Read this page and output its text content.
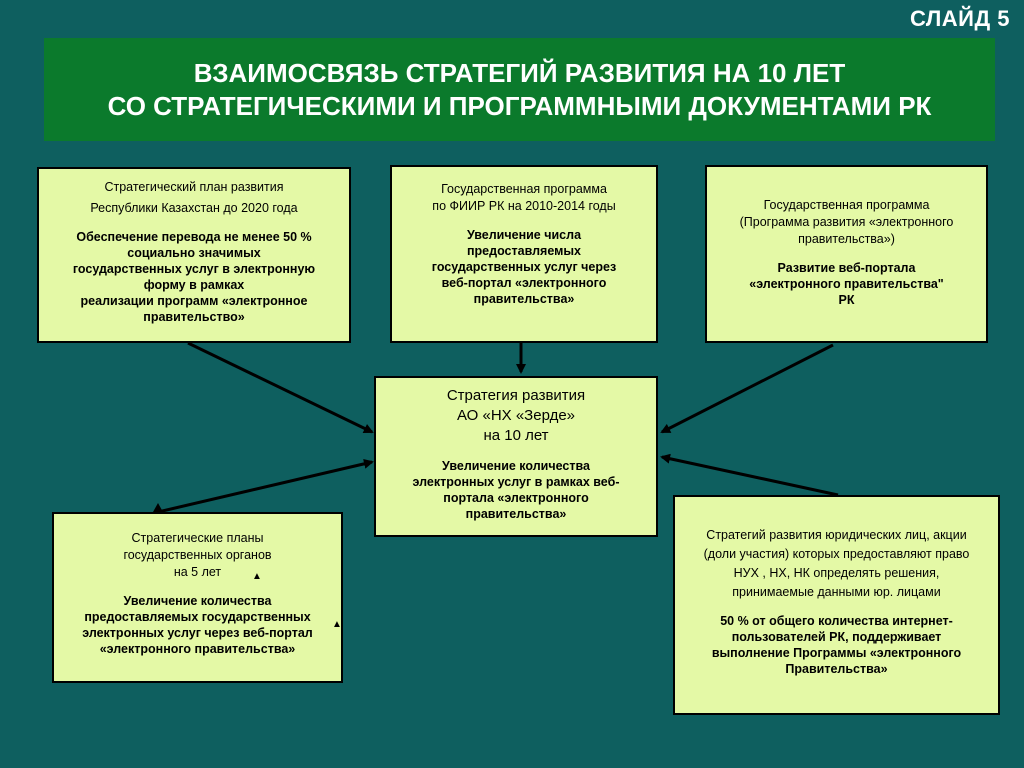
СЛАЙД 5
ВЗАИМОСВЯЗЬ СТРАТЕГИЙ РАЗВИТИЯ НА 10 ЛЕТ
СО СТРАТЕГИЧЕСКИМИ И ПРОГРАММНЫМИ ДОКУМЕНТАМИ РК

Стратегический план развития

Республики Казахстан до 2020 года

Обеспечение перевода не менее 50 %

социально значимых

государственных услуг в электронную

форму в рамках

реализации программ «электронное

правительство»

Государственная программа

по ФИИР РК на 2010-2014 годы

Увеличение числа

предоставляемых

государственных услуг через

веб-портал «электронного

правительства»

Государственная программа

(Программа развития «электронного

правительства»)

Развитие веб-портала

«электронного правительства"

РК

Стратегия развития

АО «НХ «Зерде»

на 10 лет

Увеличение количества

электронных услуг в рамках веб-

портала «электронного

правительства»

Стратегические планы

государственных органов

на 5 лет

Увеличение количества

предоставляемых государственных

электронных услуг через веб-портал

«электронного правительства»

▲
▲

Стратегий развития юридических лиц, акции

(доли участия) которых предоставляют право

НУХ , НХ, НК определять решения,

принимаемые данными юр. лицами

50 % от общего количества интернет-

пользователей РК, поддерживает

выполнение Программы «электронного

Правительства»
